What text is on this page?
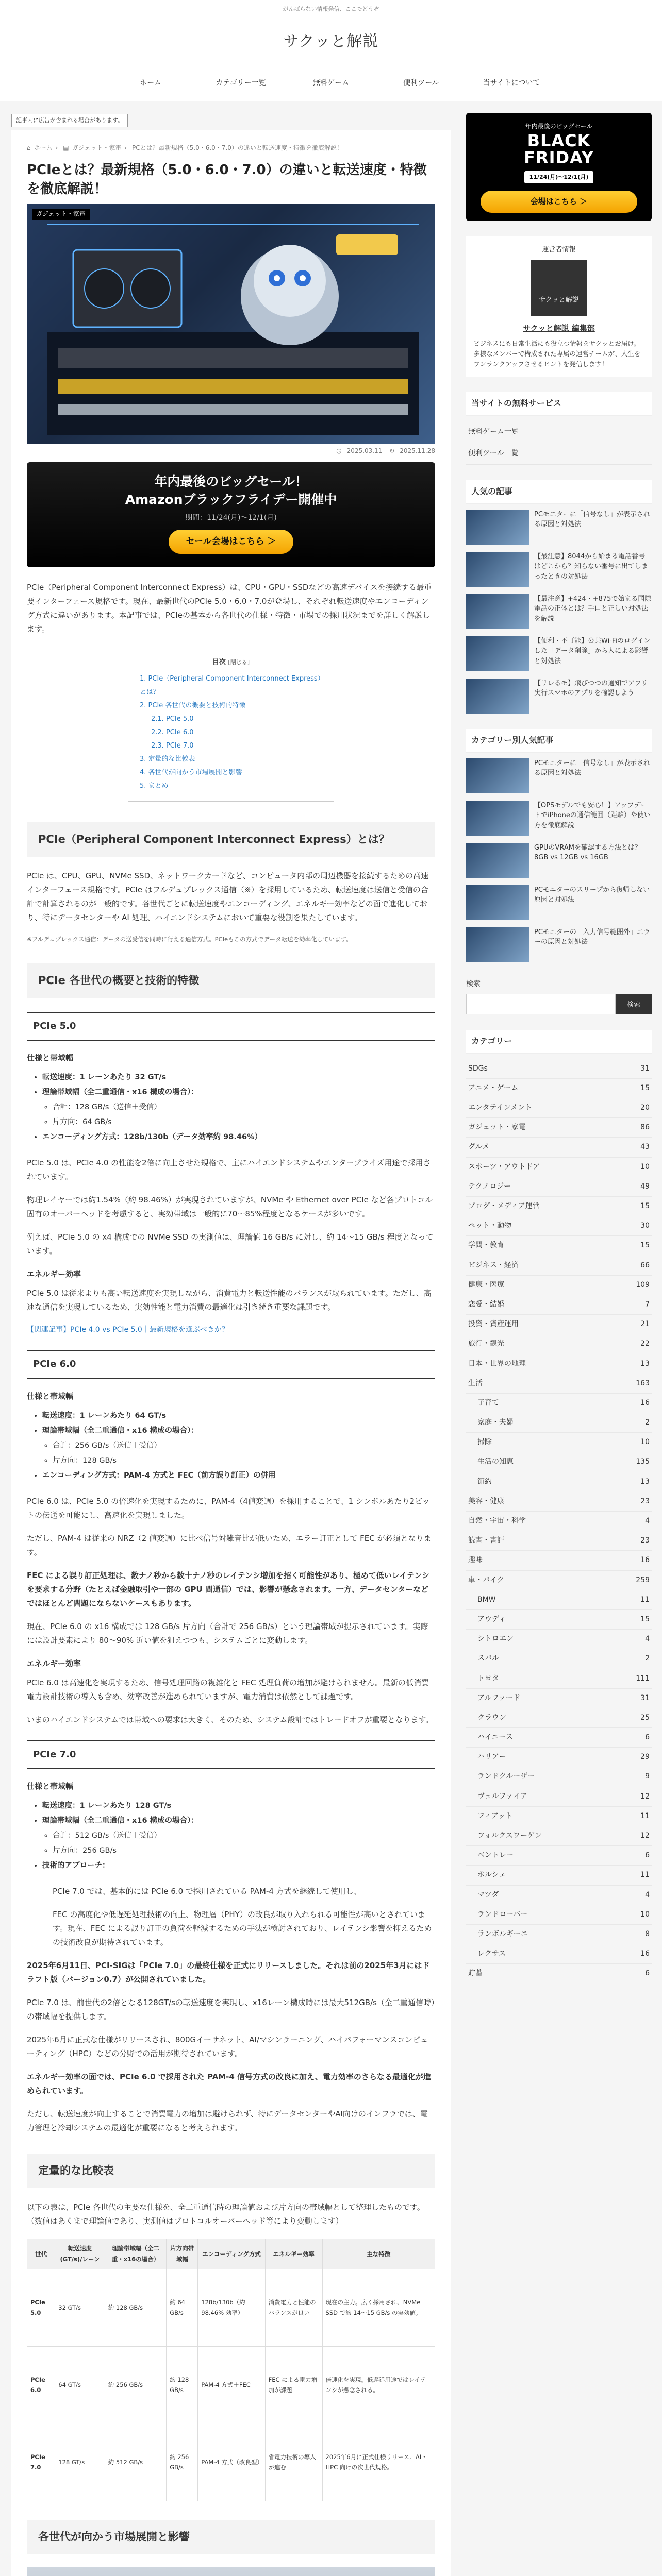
がんばらない情報発信、ここでどうぞ
サクッと解説
ホーム	カテゴリー一覧	無料ゲーム	便利ツール	当サイトについて
記事内に広告が含まれる場合があります。
⌂ ホーム › ▤ ガジェット・家電 › PCとは？最新規格（5.0・6.0・7.0）の違いと転送速度・特徴を徹底解説！
PCIeとは？最新規格（5.0・6.0・7.0）の違いと転送速度・特徴を徹底解説！
ガジェット・家電
◷ 2025.03.11 ↻ 2025.11.28
年内最後のビッグセール！
Amazonブラックフライデー開催中
期間：11/24(月)〜12/1(月)
セール会場はこちら ＞

PCIe（Peripheral Component Interconnect Express）は、CPU・GPU・SSDなどの高速デバイスを接続する最重要インターフェース規格です。現在、最新世代のPCIe 5.0・6.0・7.0が登場し、それぞれ転送速度やエンコーディング方式に違いがあります。本記事では、PCIeの基本から各世代の仕様・特徴・市場での採用状況までを詳しく解説します。

目次 [閉じる]
1. PCIe（Peripheral Component Interconnect Express）とは？
2. PCIe 各世代の概要と技術的特徴
2.1. PCIe 5.0
2.2. PCIe 6.0
2.3. PCIe 7.0
3. 定量的な比較表
4. 各世代が向かう市場展開と影響
5. まとめ
PCIe（Peripheral Component Interconnect Express）とは？

PCIe は、CPU、GPU、NVMe SSD、ネットワークカードなど、コンピュータ内部の周辺機器を接続するための高速インターフェース規格です。PCIe はフルデュプレックス通信（※）を採用しているため、転送速度は送信と受信の合計で計算されるのが一般的です。各世代ごとに転送速度やエンコーディング、エネルギー効率などの面で進化しており、特にデータセンターや AI 処理、ハイエンドシステムにおいて重要な役割を果たしています。

※フルデュプレックス通信：データの送受信を同時に行える通信方式。PCIeもこの方式でデータ転送を効率化しています。

PCIe 各世代の概要と技術的特徴
PCIe 5.0
仕様と帯域幅
• 転送速度：1 レーンあたり 32 GT/s
• 理論帯域幅（全二重通信・x16 構成の場合）：
◦ 合計：128 GB/s（送信＋受信）
◦ 片方向：64 GB/s
• エンコーディング方式：128b/130b（データ効率約 98.46%）

PCIe 5.0 は、PCIe 4.0 の性能を2倍に向上させた規格で、主にハイエンドシステムやエンタープライズ用途で採用されています。

物理レイヤーでは約1.54%（約 98.46%）が実現されていますが、NVMe や Ethernet over PCIe など各プロトコル固有のオーバーヘッドを考慮すると、実効帯域は一般的に70〜85%程度となるケースが多いです。

例えば、PCIe 5.0 の x4 構成での NVMe SSD の実測値は、理論値 16 GB/s に対し、約 14〜15 GB/s 程度となっています。

エネルギー効率

PCIe 5.0 は従来よりも高い転送速度を実現しながら、消費電力と転送性能のバランスが取られています。ただし、高速な通信を実現しているため、実効性能と電力消費の最適化は引き続き重要な課題です。

【関連記事】PCIe 4.0 vs PCIe 5.0｜最新規格を選ぶべきか？
PCIe 6.0
仕様と帯域幅
• 転送速度：1 レーンあたり 64 GT/s
• 理論帯域幅（全二重通信・x16 構成の場合）：
◦ 合計：256 GB/s（送信＋受信）
◦ 片方向：128 GB/s
• エンコーディング方式：PAM-4 方式と FEC（前方誤り訂正）の併用

PCIe 6.0 は、PCIe 5.0 の倍速化を実現するために、PAM-4（4値変調）を採用することで、1 シンボルあたり2ビットの伝送を可能にし、高速化を実現しました。

ただし、PAM-4 は従来の NRZ（2 値変調）に比べ信号対雑音比が低いため、エラー訂正として FEC が必須となります。

FEC による誤り訂正処理は、数ナノ秒から数十ナノ秒のレイテンシ増加を招く可能性があり、極めて低いレイテンシを要求する分野（たとえば金融取引や一部の GPU 間通信）では、影響が懸念されます。一方、データセンターなどではほとんど問題にならないケースもあります。

現在、PCIe 6.0 の x16 構成では 128 GB/s 片方向（合計で 256 GB/s）という理論帯域が提示されています。実際には設計要素により 80〜90% 近い値を狙えつつも、システムごとに変動します。

エネルギー効率

PCIe 6.0 は高速化を実現するため、信号処理回路の複雑化と FEC 処理負荷の増加が避けられません。最新の低消費電力設計技術の導入も含め、効率改善が進められていますが、電力消費は依然として課題です。

いまのハイエンドシステムでは帯域への要求は大きく、そのため、システム設計ではトレードオフが重要となります。

PCIe 7.0
仕様と帯域幅
• 転送速度：1 レーンあたり 128 GT/s
• 理論帯域幅（全二重通信・x16 構成の場合）：
◦ 合計：512 GB/s（送信＋受信）
◦ 片方向：256 GB/s
• 技術的アプローチ：

PCIe 7.0 では、基本的には PCIe 6.0 で採用されている PAM-4 方式を継続して使用し、

FEC の高度化や低遅延処理技術の向上、物理層（PHY）の改良が取り入れられる可能性が高いとされています。現在、FEC による誤り訂正の負荷を軽減するための手法が検討されており、レイテンシ影響を抑えるための技術改良が期待されています。

2025年6月11日、PCI-SIGは「PCIe 7.0」の最終仕様を正式にリリースしました。それは前の2025年3月にはドラフト版（バージョン0.7）が公開されていました。

PCIe 7.0 は、前世代の2倍となる128GT/sの転送速度を実現し、x16レーン構成時には最大512GB/s（全二重通信時）の帯域幅を提供します。

2025年6月に正式な仕様がリリースされ、800Gイーサネット、AI/マシンラーニング、ハイパフォーマンスコンピューティング（HPC）などの分野での活用が期待されています。

エネルギー効率の面では、PCIe 6.0 で採用された PAM-4 信号方式の改良に加え、電力効率のさらなる最適化が進められています。

ただし、転送速度が向上することで消費電力の増加は避けられず、特にデータセンターやAI向けのインフラでは、電力管理と冷却システムの最適化が重要になると考えられます。

定量的な比較表

以下の表は、PCIe 各世代の主要な仕様を、全二重通信時の理論値および片方向の帯域幅として整理したものです。（数値はあくまで理論値であり、実測値はプロトコルオーバーヘッド等により変動します）

世代	転送速度(GT/s)/レーン	理論帯域幅（全二重・x16の場合）	片方向帯域幅	エンコーディング方式	エネルギー効率	主な特徴
PCIe 5.0	32 GT/s	約 128 GB/s	約 64 GB/s	128b/130b（約 98.46% 効率）	消費電力と性能のバランスが良い	現在の主力。広く採用され、NVMe SSD で約 14〜15 GB/s の実効値。
PCIe 6.0	64 GT/s	約 256 GB/s	約 128 GB/s	PAM-4 方式＋FEC	FEC による電力増加が課題	倍速化を実現。低遅延用途ではレイテンシが懸念される。
PCIe 7.0	128 GT/s	約 512 GB/s	約 256 GB/s	PAM-4 方式（改良型）	省電力技術の導入が進む	2025年6月に正式仕様リリース。AI・HPC 向けの次世代規格。
各世代が向かう市場展開と影響
年内最後のビッグセール
BLACK
FRIDAY
11/24(月)〜12/1(月)
会場はこちら ＞
運営者情報
サクッと解説
サクッと解説 編集部
ビジネスにも日常生活にも役立つ情報をサクッとお届け。多様なメンバーで構成された専属の運営チームが、人生をワンランクアップさせるヒントを発信します！
当サイトの無料サービス
無料ゲーム一覧
便利ツール一覧
人気の記事
PCモニターに「信号なし」が表示される原因と対処法
【最注意】8044から始まる電話番号はどこから？知らない番号に出てしまったときの対処法
【最注意】+424・+875で始まる国際電話の正体とは？手口と正しい対処法を解説
【便利・不可能】公共Wi-Fiのログインした「データ削除」から人による影響と対処法
【リレるモ】飛びつつの通知でアプリ実行スマホのアプリを確認しよう
カテゴリー別人気記事
PCモニターに「信号なし」が表示される原因と対処法
【OPSモデルでも安心！】アップデートでiPhoneの通信範囲（距離）や使い方を徹底解説
GPUのVRAMを確認する方法とは？8GB vs 12GB vs 16GB
PCモニターのスリープから復帰しない原因と対処法
PCモニターの「入力信号範囲外」エラーの原因と対処法
検索
検索
カテゴリー
SDGs	31
アニメ・ゲーム	15
エンタテインメント	20
ガジェット・家電	86
グルメ	43
スポーツ・アウトドア	10
テクノロジー	49
ブログ・メディア運営	15
ペット・動物	30
学問・教育	15
ビジネス・経済	66
健康・医療	109
恋愛・結婚	7
投資・資産運用	21
旅行・観光	22
日本・世界の地理	13
生活	163
子育て	16
家庭・夫婦	2
掃除	10
生活の知恵	135
節約	13
美容・健康	23
自然・宇宙・科学	4
読書・書評	23
趣味	16
車・バイク	259
BMW	11
アウディ	15
シトロエン	4
スバル	2
トヨタ	111
アルファード	31
クラウン	25
ハイエース	6
ハリアー	29
ランドクルーザー	9
ヴェルファイア	12
フィアット	11
フォルクスワーゲン	12
ベントレー	6
ポルシェ	11
マツダ	4
ランドローバー	10
ランボルギーニ	8
レクサス	16
貯蓄	6
